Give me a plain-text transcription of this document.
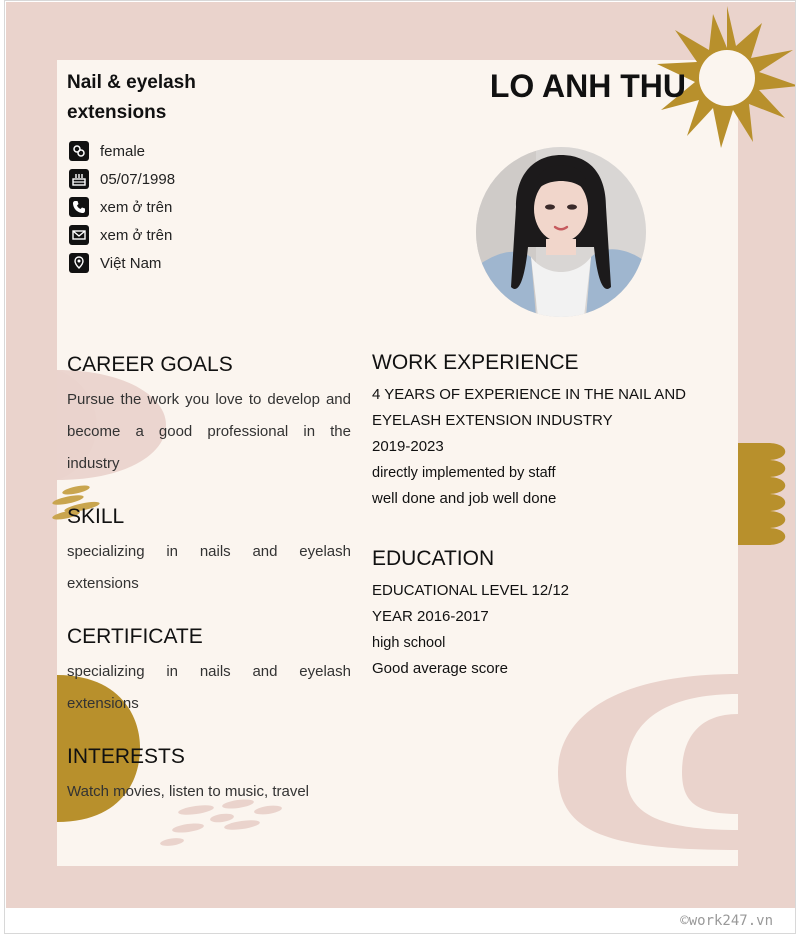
Nail & eyelash extensions
LO ANH THU
female
05/07/1998
xem ở trên
xem ở trên
Việt Nam
CAREER GOALS
Pursue the work you love to develop and become a good professional in the industry
SKILL
specializing in nails and eyelash extensions
CERTIFICATE
specializing in nails and eyelash extensions
INTERESTS
Watch movies, listen to music, travel
WORK EXPERIENCE
4 YEARS OF EXPERIENCE IN THE NAIL AND EYELASH EXTENSION INDUSTRY
2019-2023
directly implemented by staff
well done and job well done
EDUCATION
EDUCATIONAL LEVEL 12/12
YEAR 2016-2017
high school
Good average score
©work247.vn
